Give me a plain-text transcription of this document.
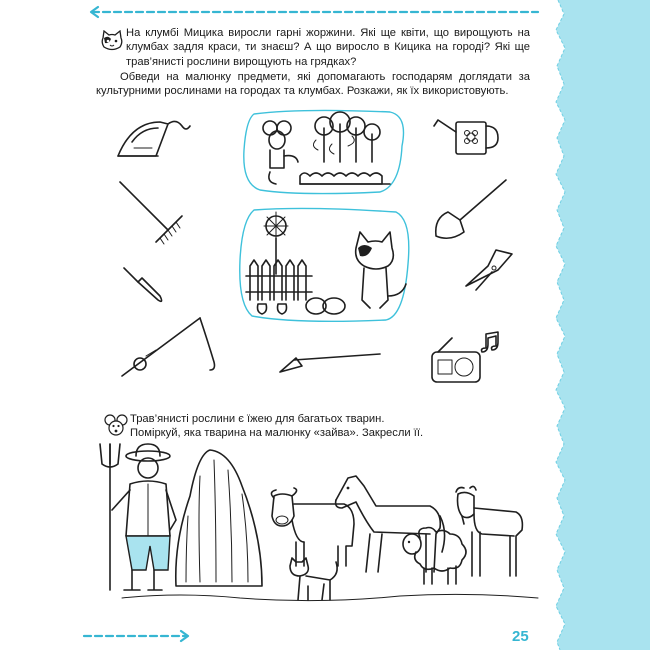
На клумбі Мицика виросли гарні жоржини. Які ще квіти, що вирощують на клумбах задля краси, ти знаєш? А що виросло в Кицика на городі? Які ще трав’янисті рослини вирощують на грядках?
Обведи на малюнку предмети, які допомагають господарям доглядати за культурними рослинами на городах та клумбах. Розкажи, як їх використовують.
Трав’янисті рослини є їжею для багатьох тварин.
Поміркуй, яка тварина на малюнку «зайва». Закресли її.
25
